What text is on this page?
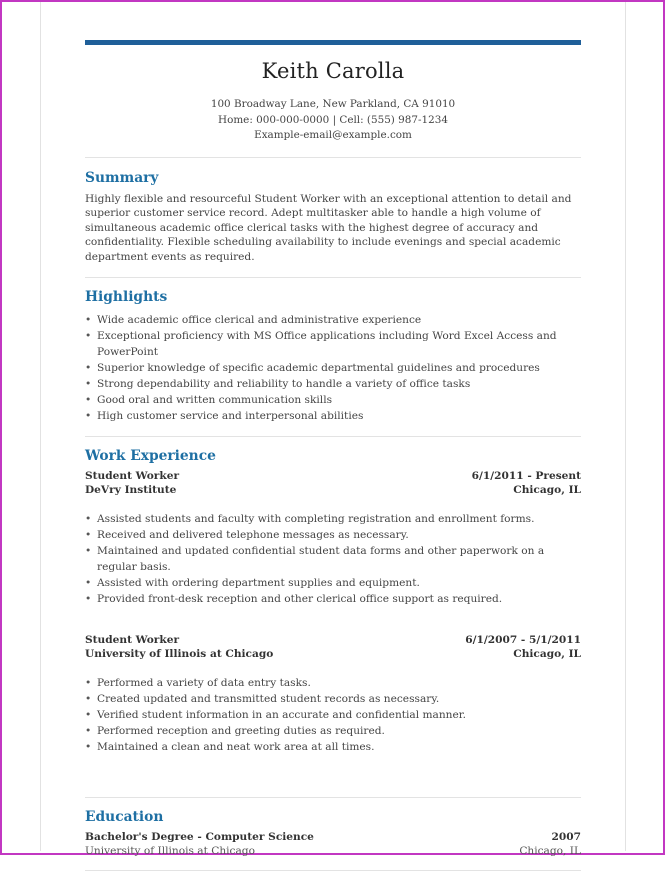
Keith Carolla
100 Broadway Lane, New Parkland, CA 91010
Home: 000-000-0000 | Cell: (555) 987-1234
Example-email@example.com
Summary

Highly flexible and resourceful Student Worker with an exceptional attention to detail and superior customer service record. Adept multitasker able to handle a high volume of simultaneous academic office clerical tasks with the highest degree of accuracy and confidentiality. Flexible scheduling availability to include evenings and special academic department events as required.

Highlights
• Wide academic office clerical and administrative experience
• Exceptional proficiency with MS Office applications including Word Excel Access and PowerPoint
• Superior knowledge of specific academic departmental guidelines and procedures
• Strong dependability and reliability to handle a variety of office tasks
• Good oral and written communication skills
• High customer service and interpersonal abilities
Work Experience
Student Worker	6/1/2011 - Present
DeVry Institute	Chicago, IL
• Assisted students and faculty with completing registration and enrollment forms.
• Received and delivered telephone messages as necessary.
• Maintained and updated confidential student data forms and other paperwork on a regular basis.
• Assisted with ordering department supplies and equipment.
• Provided front-desk reception and other clerical office support as required.
Student Worker	6/1/2007 - 5/1/2011
University of Illinois at Chicago	Chicago, IL
• Performed a variety of data entry tasks.
• Created updated and transmitted student records as necessary.
• Verified student information in an accurate and confidential manner.
• Performed reception and greeting duties as required.
• Maintained a clean and neat work area at all times.
Education
Bachelor's Degree - Computer Science	2007
University of Illinois at Chicago	Chicago, IL
